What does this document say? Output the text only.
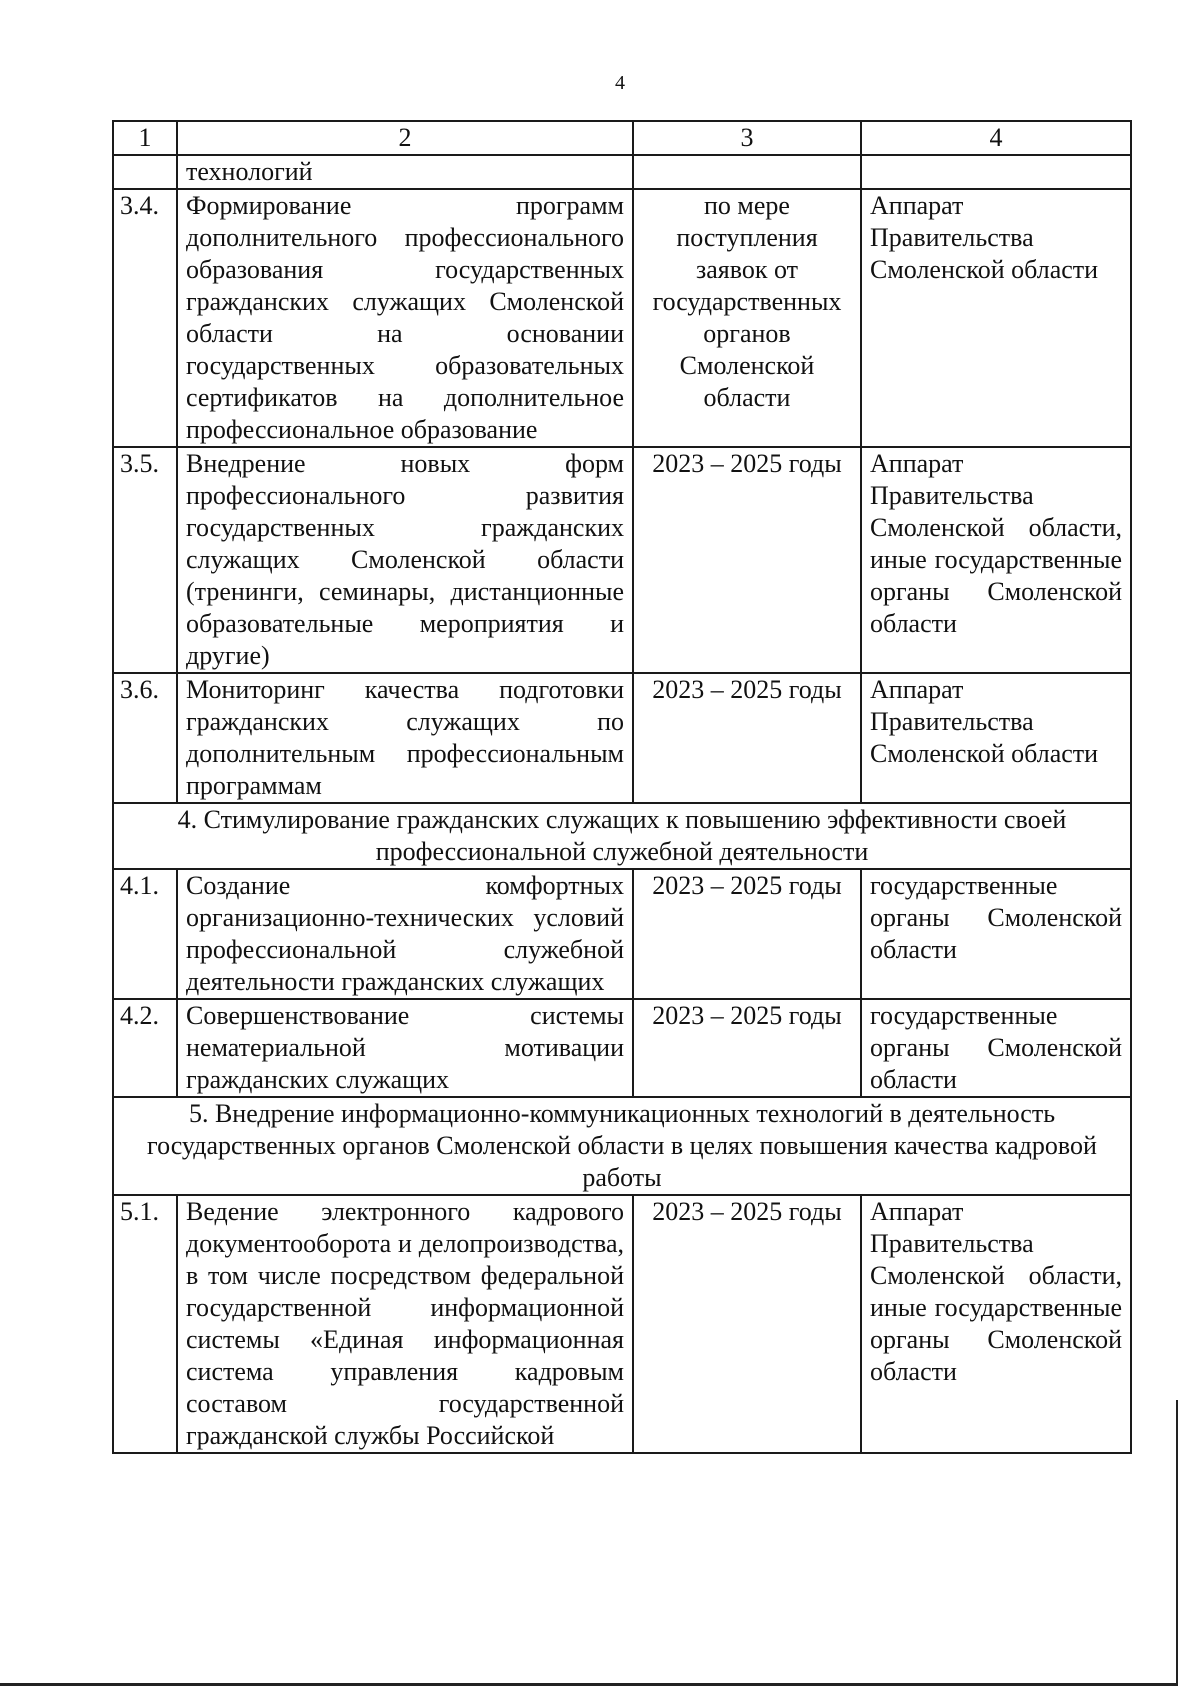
4
1	2	3	4
	технологий		
3.4.	Формирование программ дополнительного профессионального образования государственных гражданских служащих Смоленской области на основании государственных образовательных сертификатов на дополнительное профессиональное образование	по мере поступления заявок от государственных органов Смоленской области	Аппарат Правительства Смоленской области
3.5.	Внедрение новых форм профессионального развития государственных гражданских служащих Смоленской области (тренинги, семинары, дистанционные образовательные мероприятия и другие)	2023 – 2025 годы	Аппарат Правительства Смоленской области, иные государственные органы Смоленской области
3.6.	Мониторинг качества подготовки гражданских служащих по дополнительным профессиональным программам	2023 – 2025 годы	Аппарат Правительства Смоленской области
4. Стимулирование гражданских служащих к повышению эффективности своей профессиональной служебной деятельности			
4.1.	Создание комфортных организационно-технических условий профессиональной служебной деятельности гражданских служащих	2023 – 2025 годы	государственные органы Смоленской области
4.2.	Совершенствование системы нематериальной мотивации гражданских служащих	2023 – 2025 годы	государственные органы Смоленской области
5. Внедрение информационно-коммуникационных технологий в деятельность государственных органов Смоленской области в целях повышения качества кадровой работы			
5.1.	Ведение электронного кадрового документооборота и делопроизводства, в том числе посредством федеральной государственной информационной системы «Единая информационная система управления кадровым составом государственной гражданской службы Российской	2023 – 2025 годы	Аппарат Правительства Смоленской области, иные государственные органы Смоленской области
